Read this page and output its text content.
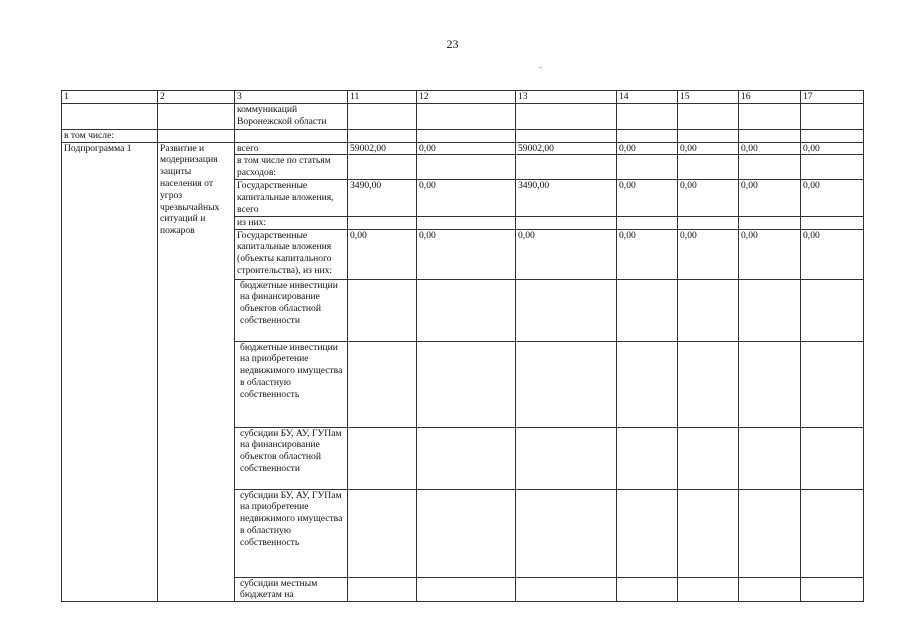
23
1	2	3	11	12	13	14	15	16	17
		коммуникаций Воронежской области							
в том числе:									
Подпрограмма 1	Развитие и модернизация защиты населения от угроз чрезвычайных ситуаций и пожаров	всего	59002,00	0,00	59002,00	0,00	0,00	0,00	0,00
		в том числе по статьям расходов:							
		Государственные капитальные вложения, всего	3490,00	0,00	3490,00	0,00	0,00	0,00	0,00
		из них:							
		Государственные капитальные вложения (объекты капитального строительства), из них:	0,00	0,00	0,00	0,00	0,00	0,00	0,00
		бюджетные инвестиции на финансирование объектов областной собственности							
		бюджетные инвестиции на приобретение недвижимого имущества в областную собственность							
		субсидии БУ, АУ, ГУПам на финансирование объектов областной собственности							
		субсидии БУ, АУ, ГУПам на приобретение недвижимого имущества в областную собственность							
		субсидии местным бюджетам на							
